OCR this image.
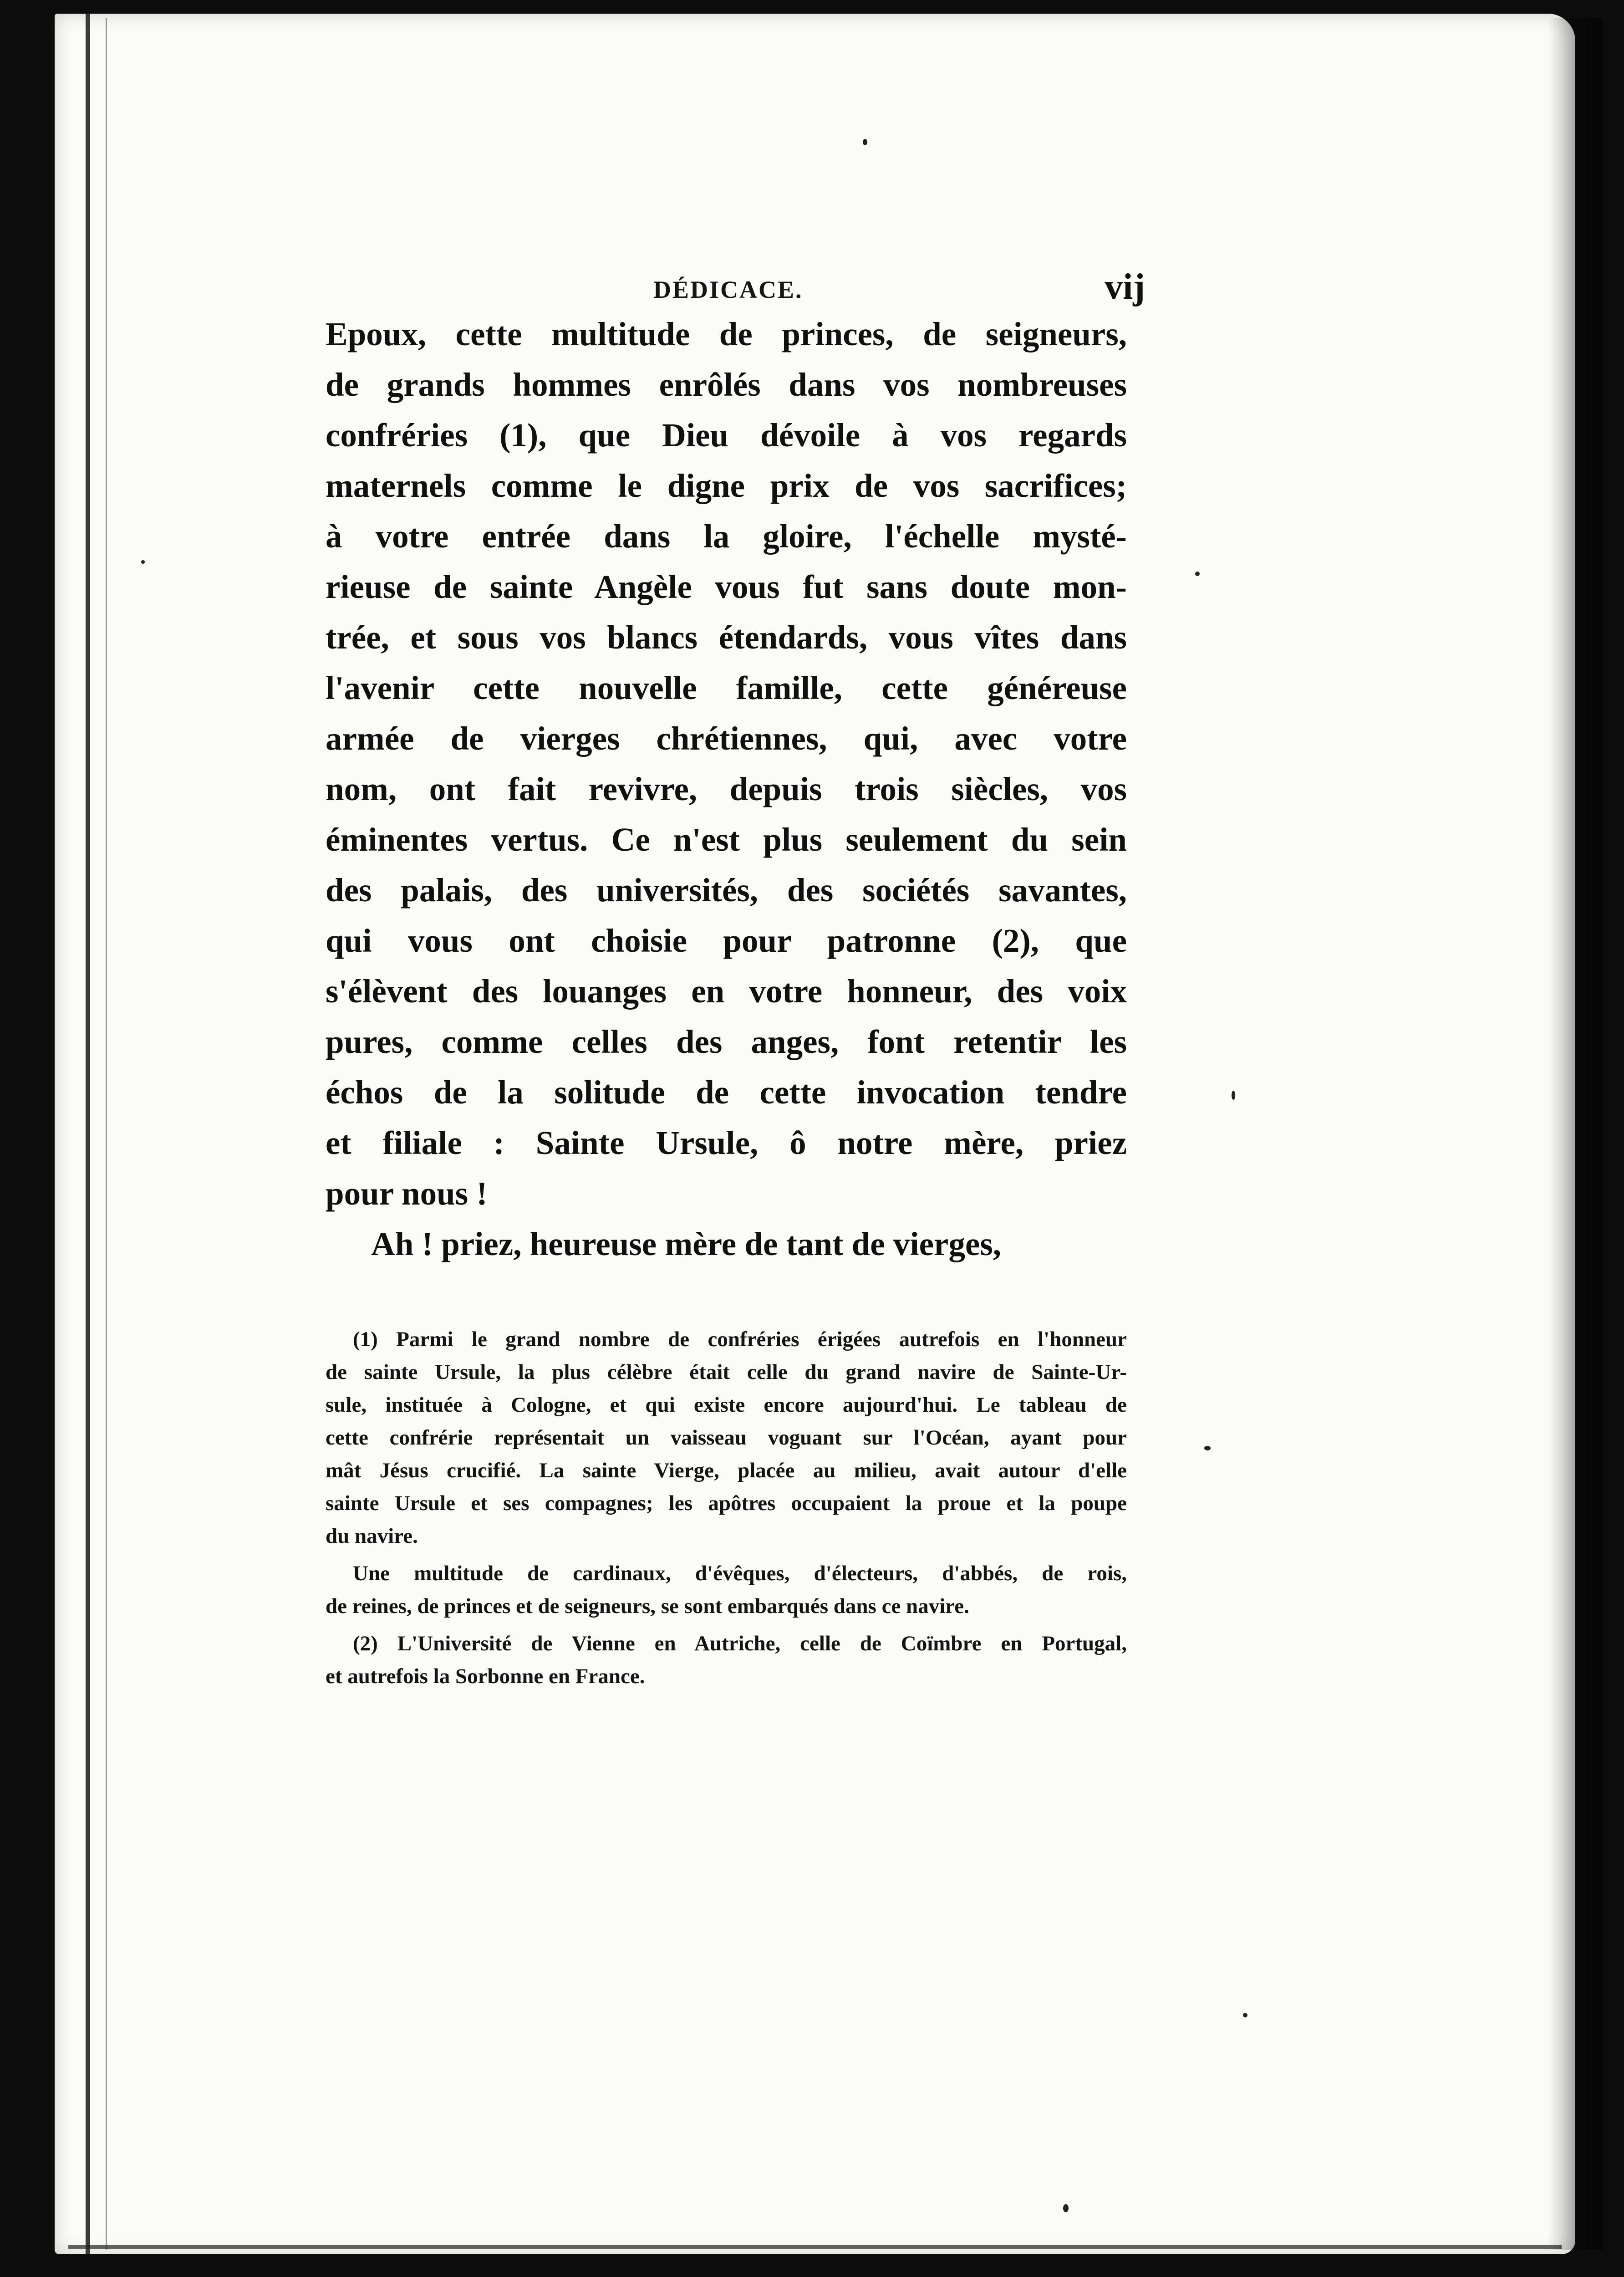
DÉDICACE.	vij
Epoux, cette multitude de princes, de seigneurs,
de grands hommes enrôlés dans vos nombreuses
confréries (1), que Dieu dévoile à vos regards
maternels comme le digne prix de vos sacrifices;
à votre entrée dans la gloire, l'échelle mysté-
rieuse de sainte Angèle vous fut sans doute mon-
trée, et sous vos blancs étendards, vous vîtes dans
l'avenir cette nouvelle famille, cette généreuse
armée de vierges chrétiennes, qui, avec votre
nom, ont fait revivre, depuis trois siècles, vos
éminentes vertus. Ce n'est plus seulement du sein
des palais, des universités, des sociétés savantes,
qui vous ont choisie pour patronne (2), que
s'élèvent des louanges en votre honneur, des voix
pures, comme celles des anges, font retentir les
échos de la solitude de cette invocation tendre
et filiale : Sainte Ursule, ô notre mère, priez
pour nous !
Ah ! priez, heureuse mère de tant de vierges,
(1) Parmi le grand nombre de confréries érigées autrefois en l'honneur
de sainte Ursule, la plus célèbre était celle du grand navire de Sainte-Ur-
sule, instituée à Cologne, et qui existe encore aujourd'hui. Le tableau de
cette confrérie représentait un vaisseau voguant sur l'Océan, ayant pour
mât Jésus crucifié. La sainte Vierge, placée au milieu, avait autour d'elle
sainte Ursule et ses compagnes; les apôtres occupaient la proue et la poupe
du navire.
Une multitude de cardinaux, d'évêques, d'électeurs, d'abbés, de rois,
de reines, de princes et de seigneurs, se sont embarqués dans ce navire.
(2) L'Université de Vienne en Autriche, celle de Coïmbre en Portugal,
et autrefois la Sorbonne en France.
